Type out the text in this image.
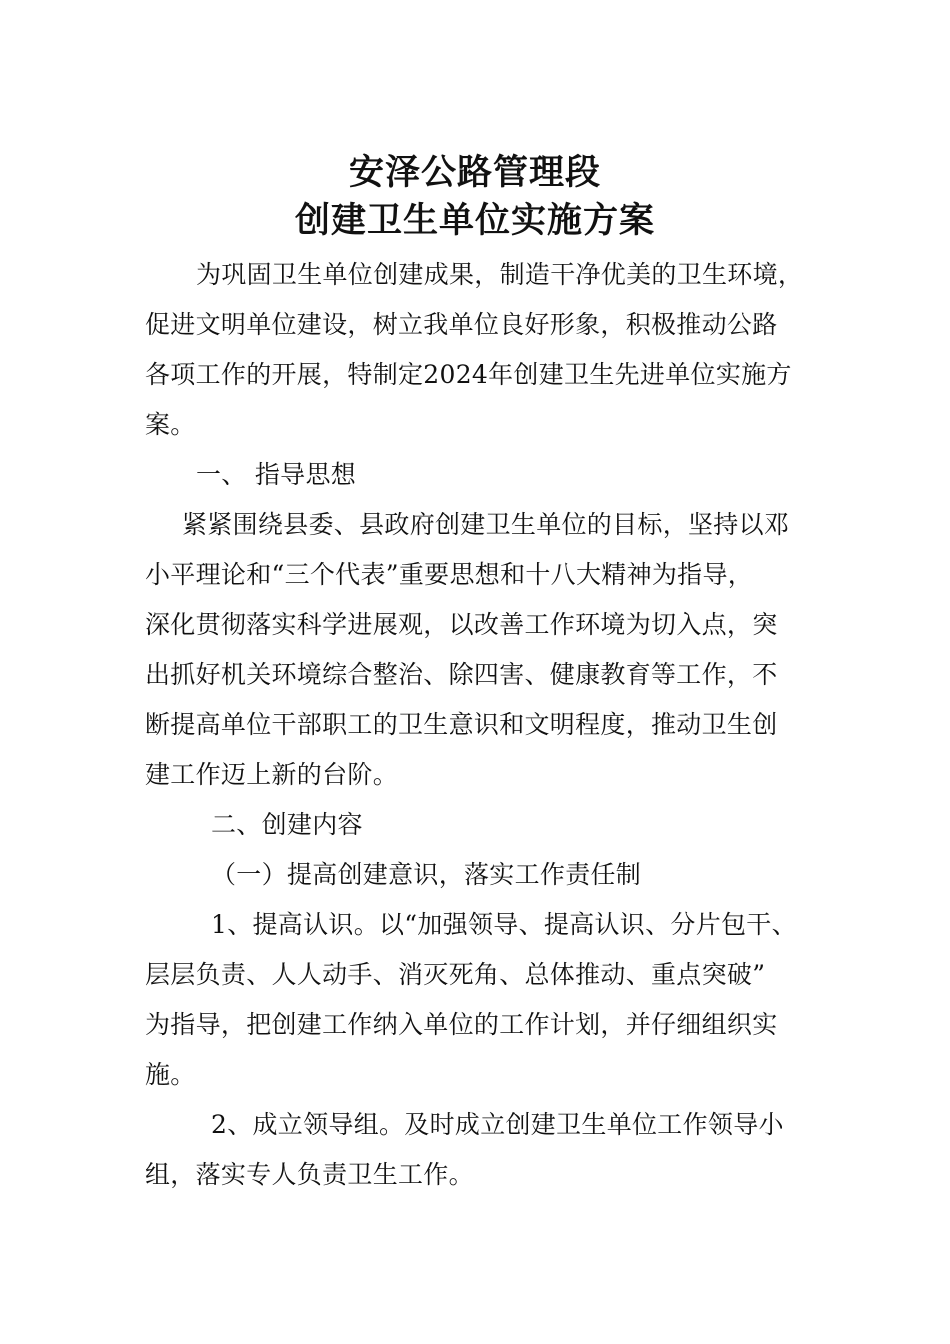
安泽公路管理段
创建卫生单位实施方案
为巩固卫生单位创建成果，制造干净优美的卫生环境，
促进文明单位建设，树立我单位良好形象，积极推动公路
各项工作的开展，特制定2024年创建卫生先进单位实施方
案。
一、 指导思想
紧紧围绕县委、县政府创建卫生单位的目标，坚持以邓
小平理论和“三个代表”重要思想和十八大精神为指导，
深化贯彻落实科学进展观，以改善工作环境为切入点，突
出抓好机关环境综合整治、除四害、健康教育等工作，不
断提高单位干部职工的卫生意识和文明程度，推动卫生创
建工作迈上新的台阶。
二、创建内容
（一）提高创建意识，落实工作责任制
1、提高认识。以“加强领导、提高认识、分片包干、
层层负责、人人动手、消灭死角、总体推动、重点突破”
为指导，把创建工作纳入单位的工作计划，并仔细组织实
施。
2、成立领导组。及时成立创建卫生单位工作领导小
组，落实专人负责卫生工作。
